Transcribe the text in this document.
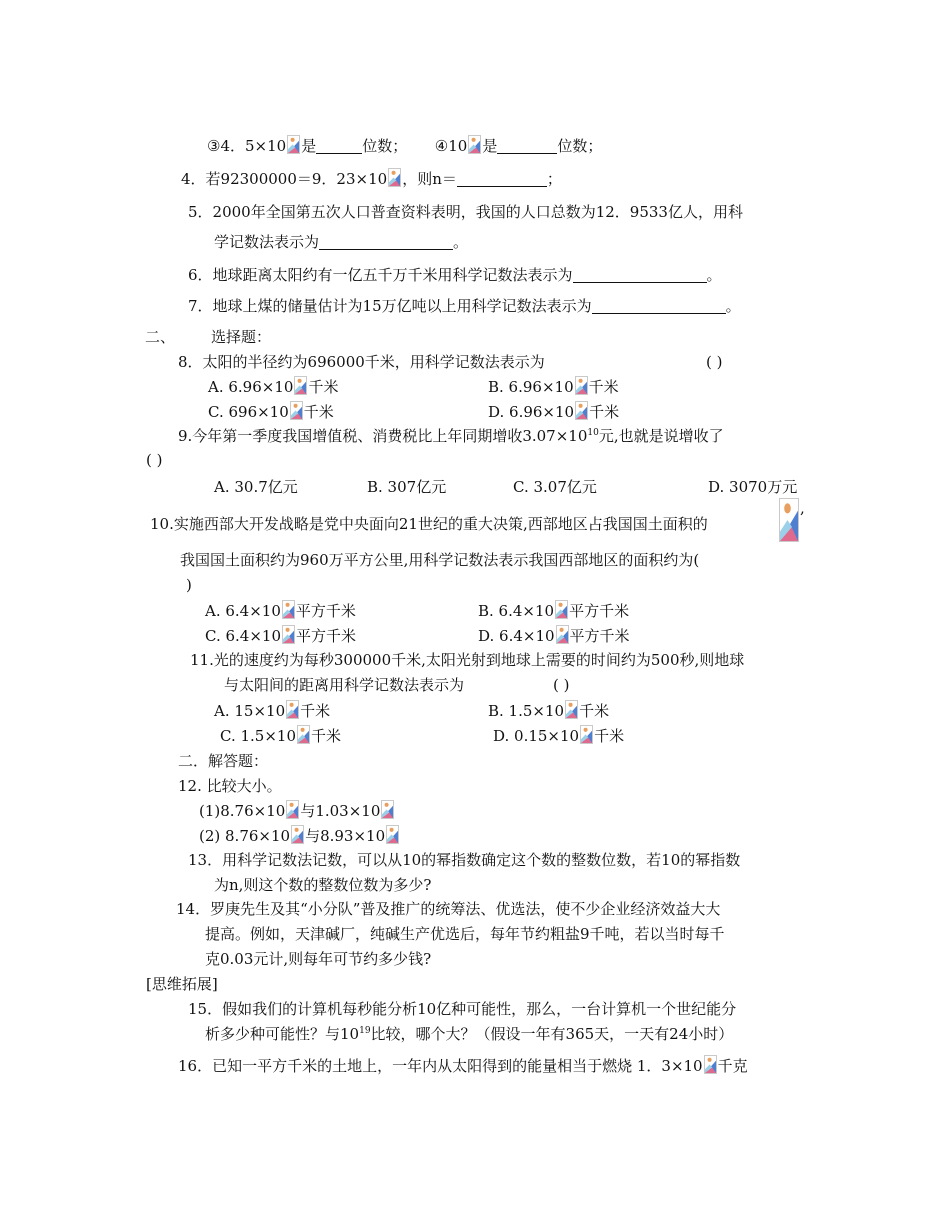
③4．5×10 是	位数； ④10 是	位数；
4．若92300000＝9．23×10 ，则n＝	；
5．2000年全国第五次人口普查资料表明，我国的人口总数为12．9533亿人，用科
学记数法表示为	。
6．地球距离太阳约有一亿五千万千米用科学记数法表示为	。
7．地球上煤的储量估计为15万亿吨以上用科学记数法表示为	。
二、 选择题：
8．太阳的半径约为696000千米，用科学记数法表示为	( )
A. 6.96×10 千米	B. 6.96×10 千米
C. 696×10 千米	D. 6.96×10 千米
9.今年第一季度我国增值税、消费税比上年同期增收$3.07\times 10^{10}$元,也就是说增收了
( )
A. 30.7亿元	B. 307亿元	C. 3.07亿元	D. 3070万元
10.实施西部大开发战略是党中央面向21世纪的重大决策,西部地区占我国国土面积的
,
我国国土面积约为960万平方公里,用科学记数法表示我国西部地区的面积约为(
)
A. 6.4×10 平方千米	B. 6.4×10 平方千米
C. 6.4×10 平方千米	D. 6.4×10 平方千米
11.光的速度约为每秒300000千米,太阳光射到地球上需要的时间约为500秒,则地球
与太阳间的距离用科学记数法表示为	( )
A. 15×10 千米	B. 1.5×10 千米
C. 1.5×10 千米	D. 0.15×10 千米
二．解答题：
12. 比较大小。
(1)8.76×10 与1.03×10
(2) 8.76×10 与8.93×10
13．用科学记数法记数，可以从10的幂指数确定这个数的整数位数，若10的幂指数
为n,则这个数的整数位数为多少?
14．罗庚先生及其“小分队”普及推广的统筹法、优选法，使不少企业经济效益大大
提高。例如，天津碱厂，纯碱生产优选后，每年节约粗盐9千吨，若以当时每千
克0.03元计,则每年可节约多少钱?
[思维拓展]
15．假如我们的计算机每秒能分析10亿种可能性，那么，一台计算机一个世纪能分
析多少种可能性？与$10^{19}$比较，哪个大？（假设一年有365天，一天有24小时）
16．已知一平方千米的土地上，一年内从太阳得到的能量相当于燃烧 1．3×10 千克
